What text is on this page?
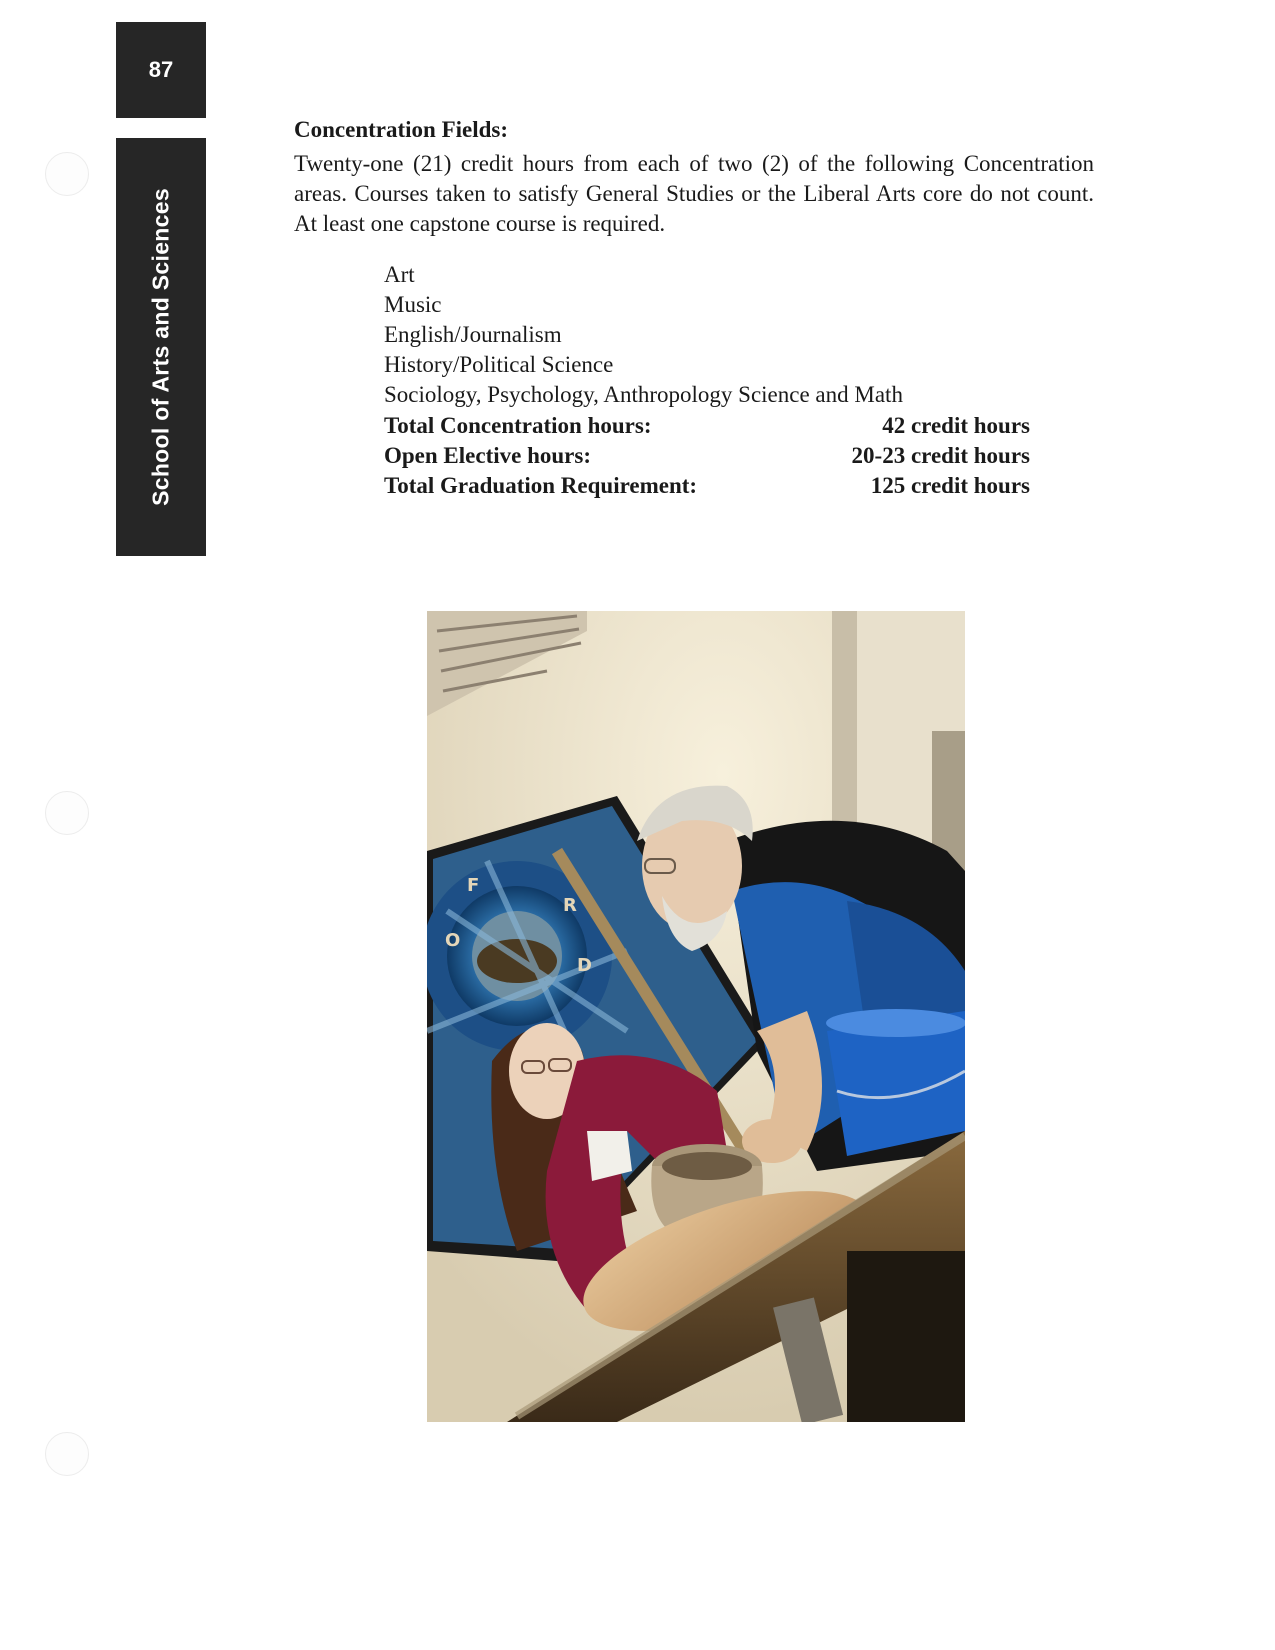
87
School of Arts and Sciences
Concentration Fields:
Twenty-one (21) credit hours from each of two (2) of the following Concentration areas. Courses taken to satisfy General Studies or the Liberal Arts core do not count. At least one capstone course is required.
Art
Music
English/Journalism
History/Political Science
Sociology, Psychology, Anthropology Science and Math
Total Concentration hours:	42 credit hours
Open Elective hours:	20-23 credit hours
Total Graduation Requirement:	125 credit hours
F
O
R
D
